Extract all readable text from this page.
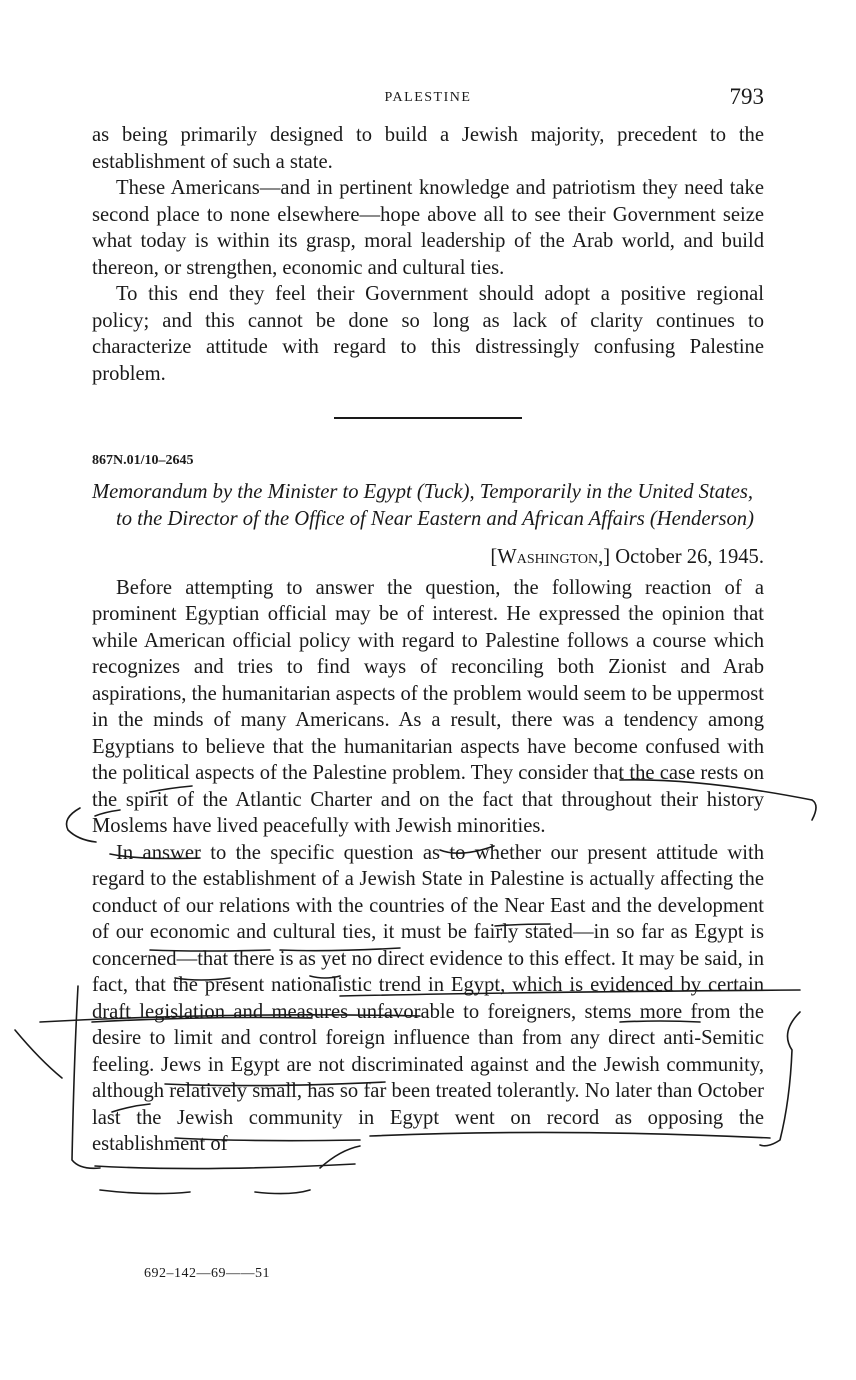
PALESTINE	793

as being primarily designed to build a Jewish majority, precedent to the establishment of such a state.

These Americans—and in pertinent knowledge and patriotism they need take second place to none elsewhere—hope above all to see their Government seize what today is within its grasp, moral leadership of the Arab world, and build thereon, or strengthen, economic and cultural ties.

To this end they feel their Government should adopt a positive regional policy; and this cannot be done so long as lack of clarity continues to characterize attitude with regard to this distressingly confusing Palestine problem.

867N.01/10–2645
Memorandum by the Minister to Egypt (Tuck), Temporarily in the United States, to the Director of the Office of Near Eastern and African Affairs (Henderson)
[Washington,] October 26, 1945.

Before attempting to answer the question, the following reaction of a prominent Egyptian official may be of interest. He expressed the opinion that while American official policy with regard to Palestine follows a course which recognizes and tries to find ways of reconciling both Zionist and Arab aspirations, the humanitarian aspects of the problem would seem to be uppermost in the minds of many Americans. As a result, there was a tendency among Egyptians to believe that the humanitarian aspects have become confused with the political aspects of the Palestine problem. They consider that the case rests on the spirit of the Atlantic Charter and on the fact that throughout their history Moslems have lived peacefully with Jewish minorities.

In answer to the specific question as to whether our present attitude with regard to the establishment of a Jewish State in Palestine is actually affecting the conduct of our relations with the countries of the Near East and the development of our economic and cultural ties, it must be fairly stated—in so far as Egypt is concerned—that there is as yet no direct evidence to this effect. It may be said, in fact, that the present nationalistic trend in Egypt, which is evidenced by certain draft legislation and measures unfavorable to foreigners, stems more from the desire to limit and control foreign influence than from any direct anti-Semitic feeling. Jews in Egypt are not discriminated against and the Jewish community, although relatively small, has so far been treated tolerantly. No later than October last the Jewish community in Egypt went on record as opposing the establishment of

692–142—69——51
